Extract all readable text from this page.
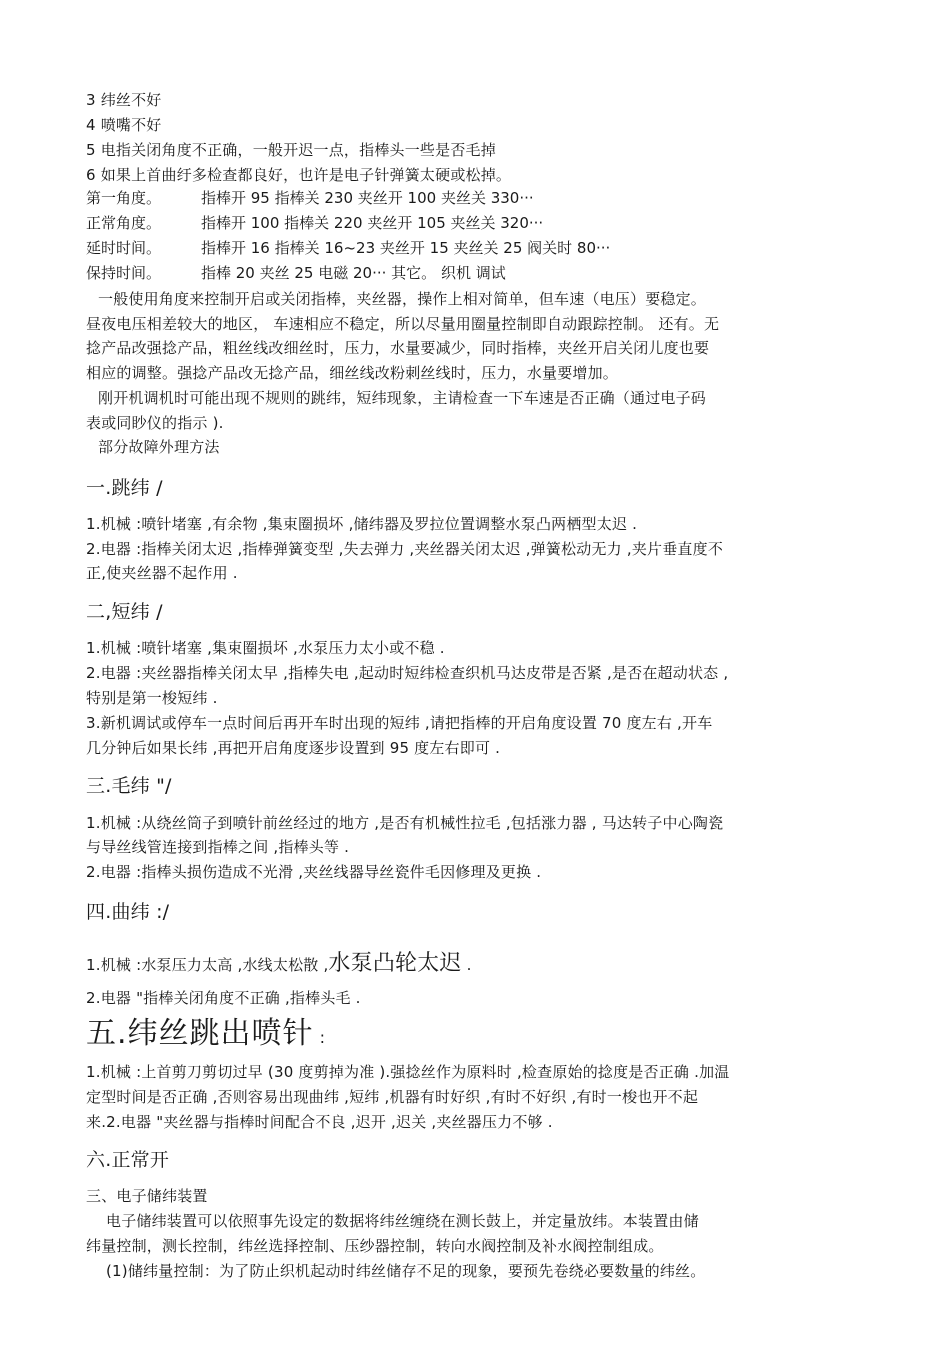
3 纬丝不好
4 喷嘴不好
5 电指关闭角度不正确，一般开迟一点，指棒头一些是否毛掉
6 如果上首曲纡多检查都良好，也许是电子针弹簧太硬或松掉。
第一角度。	指棒开 95 指棒关 230 夹丝开 100 夹丝关 330···
正常角度。	指棒开 100 指棒关 220 夹丝开 105 夹丝关 320···
延时时间。	指棒开 16 指棒关 16~23 夹丝开 15 夹丝关 25 阀关时 80···
保持时间。	指棒 20 夹丝 25 电磁 20··· 其它。 织机 调试
一般使用角度来控制开启或关闭指棒，夹丝器，操作上相对简单，但车速（电压）要稳定。
昼夜电压相差较大的地区， 车速相应不稳定，所以尽量用圈量控制即自动跟踪控制。 还有。无
捻产品改强捻产品，粗丝线改细丝时，压力，水量要减少，同时指棒，夹丝开启关闭儿度也要
相应的调整。强捻产品改无捻产品，细丝线改粉刺丝线时，压力，水量要增加。
刚开机调机时可能出现不规则的跳纬，短纬现象，主请检查一下车速是否正确（通过电子码
表或同眇仪的指示 ).
部分故障外理方法
一.跳纬 /
1.机械 :喷针堵塞 ,有余物 ,集束圈损坏 ,储纬器及罗拉位置调整水泵凸两栖型太迟 .
2.电器 :指棒关闭太迟 ,指棒弹簧变型 ,失去弹力 ,夹丝器关闭太迟 ,弹簧松动无力 ,夹片垂直度不
正,使夹丝器不起作用 .
二,短纬 /
1.机械 :喷针堵塞 ,集束圈损坏 ,水泵压力太小或不稳 .
2.电器 :夹丝器指棒关闭太早 ,指棒失电 ,起动时短纬检查织机马达皮带是否紧 ,是否在超动状态 ,
特别是第一梭短纬 .
3.新机调试或停车一点时间后再开车时出现的短纬 ,请把指棒的开启角度设置 70 度左右 ,开车
几分钟后如果长纬 ,再把开启角度逐步设置到 95 度左右即可 .
三.毛纬 "/
1.机械 :从绕丝筒子到喷针前丝经过的地方 ,是否有机械性拉毛 ,包括涨力器 , 马达转子中心陶瓷
与导丝线管连接到指棒之间 ,指棒头等 .
2.电器 :指棒头损伤造成不光滑 ,夹丝线器导丝瓷件毛因修理及更换 .
四.曲纬 :/
1.机械 :水泵压力太高 ,水线太松散 ,水泵凸轮太迟 .
2.电器 "指棒关闭角度不正确 ,指棒头毛 .
五.纬丝跳出喷针 :
1.机械 :上首剪刀剪切过早 (30 度剪掉为准 ).强捻丝作为原料时 ,检查原始的捻度是否正确 .加温
定型时间是否正确 ,否则容易出现曲纬 ,短纬 ,机器有时好织 ,有时不好织 ,有时一梭也开不起
来.2.电器 "夹丝器与指棒时间配合不良 ,迟开 ,迟关 ,夹丝器压力不够 .
六.正常开
三、电子储纬装置
电子储纬装置可以依照事先设定的数据将纬丝缠绕在测长鼓上，并定量放纬。本装置由储
纬量控制，测长控制，纬丝选择控制、压纱器控制，转向水阀控制及补水阀控制组成。
(1)储纬量控制：为了防止织机起动时纬丝储存不足的现象，要预先卷绕必要数量的纬丝。
